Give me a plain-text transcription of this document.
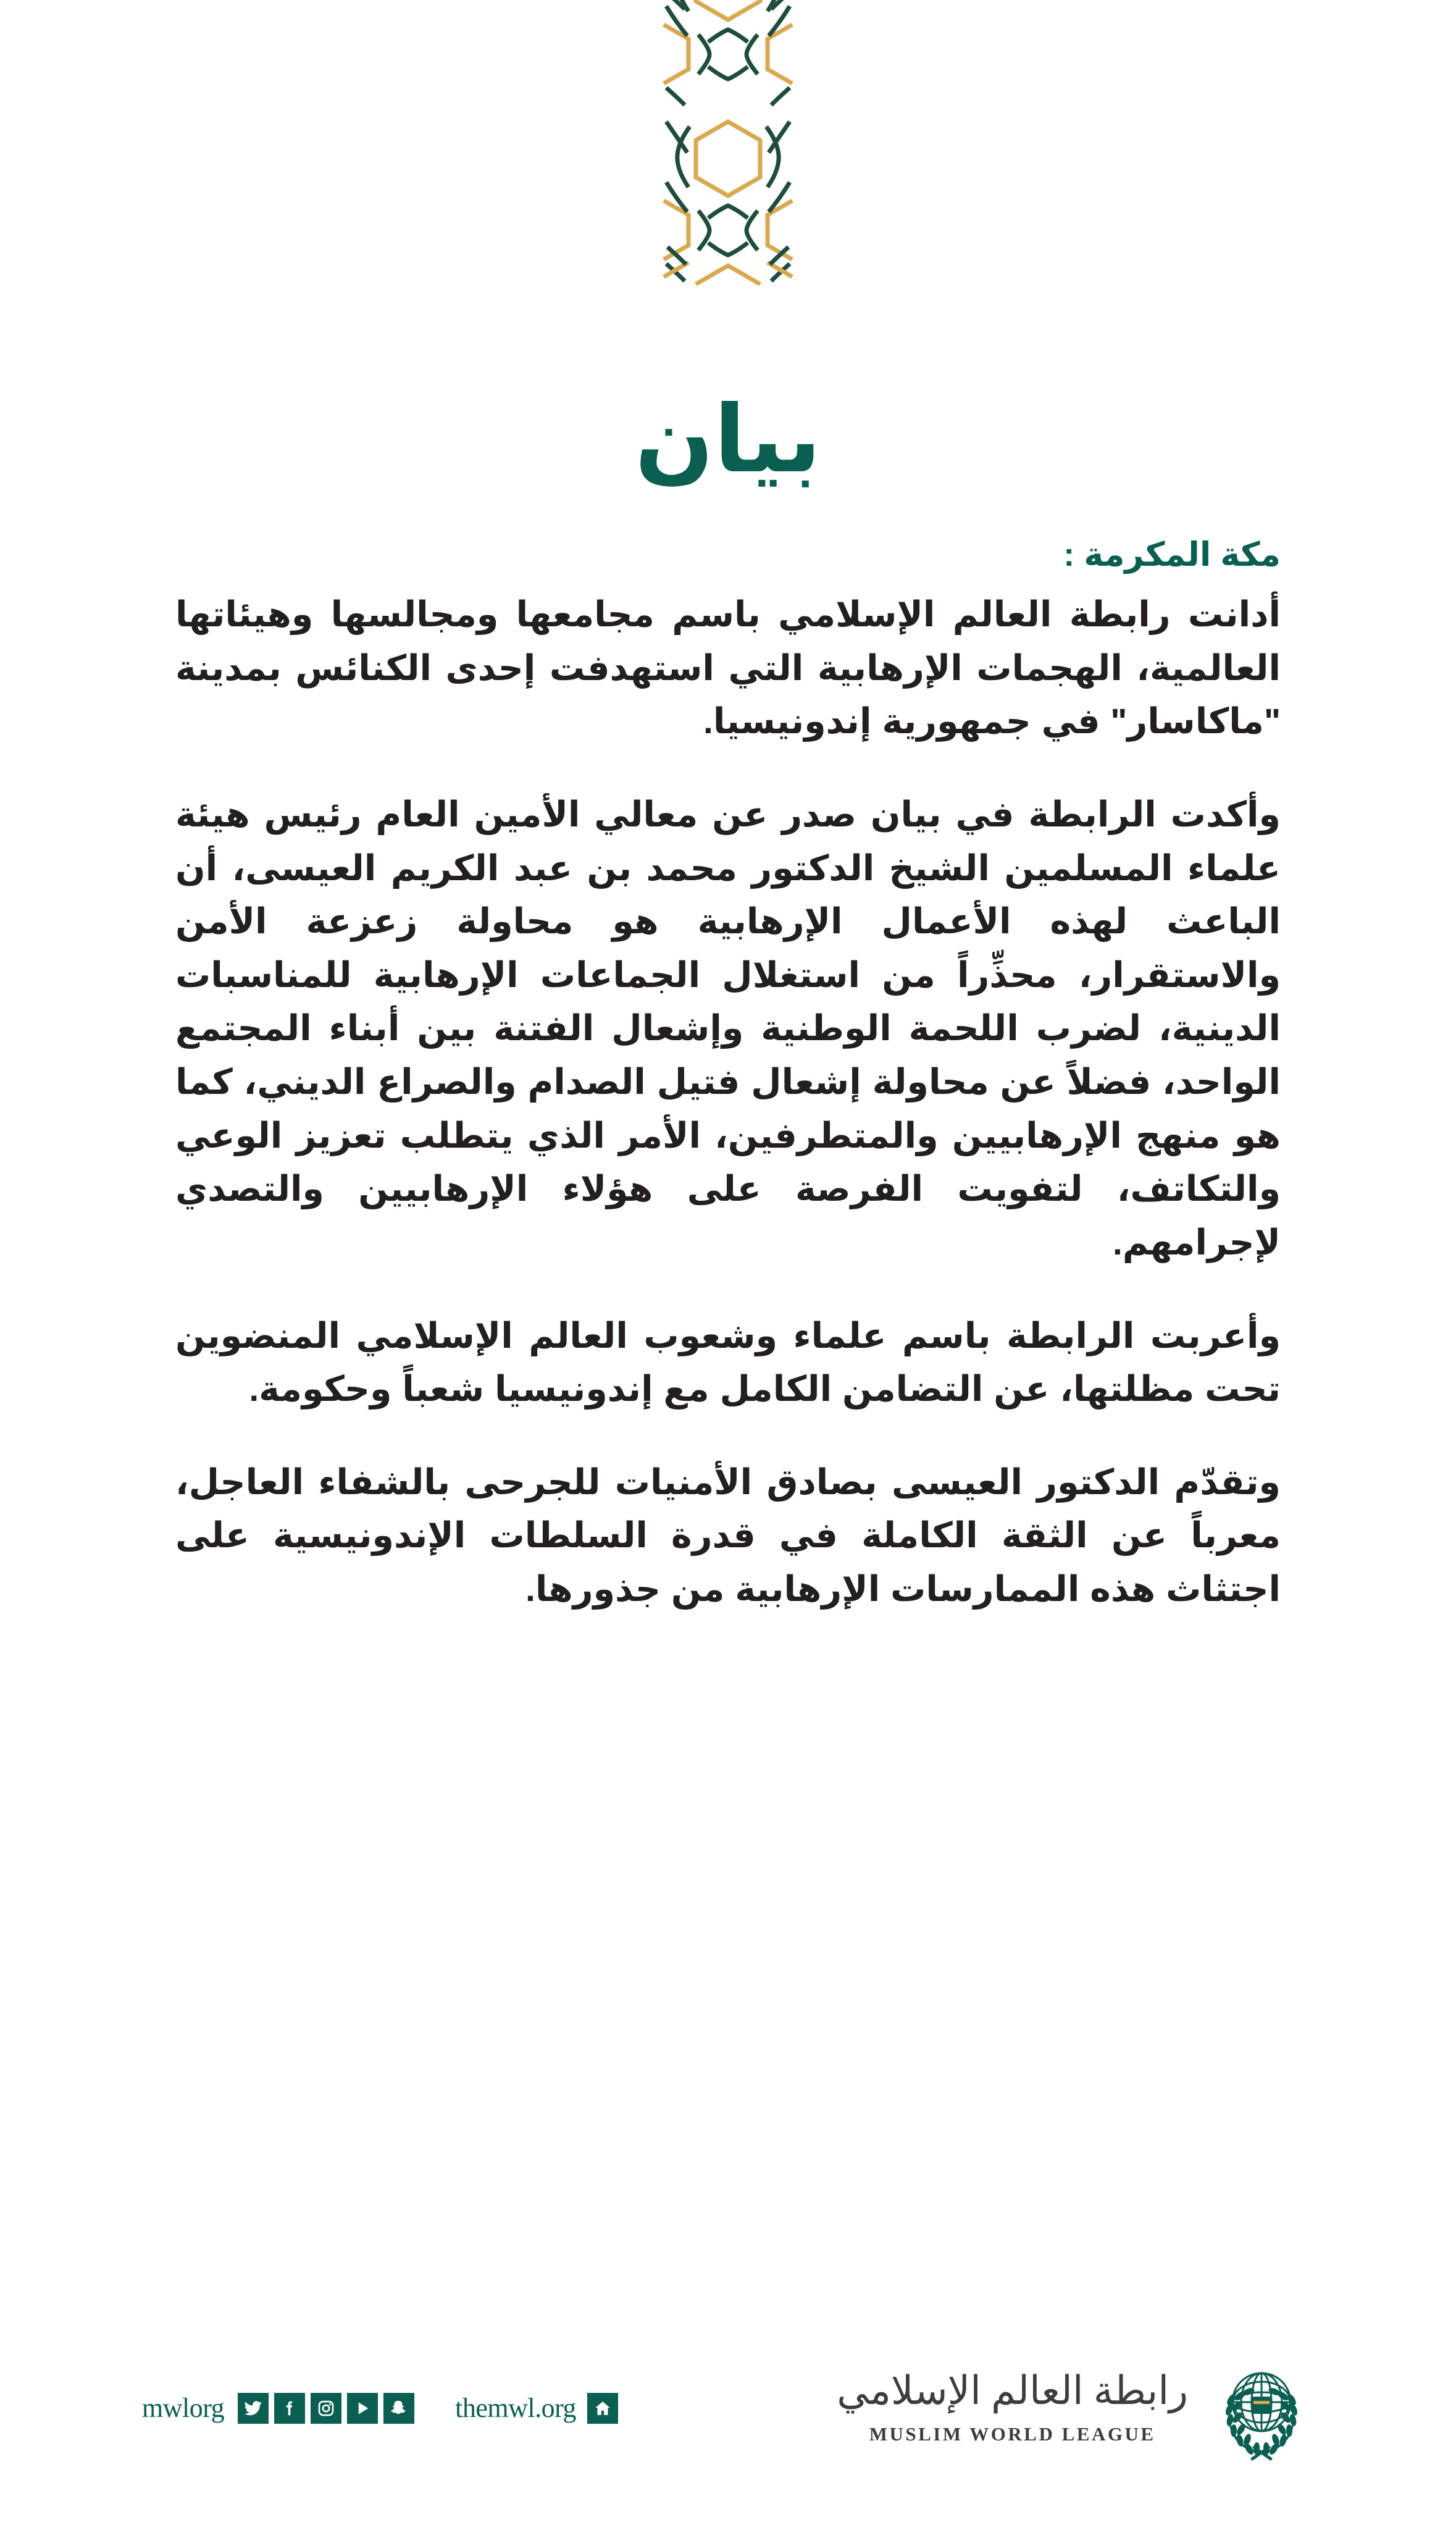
بيان
مكة المكرمة :

أدانت رابطة العالم الإسلامي باسم مجامعها ومجالسها وهيئاتها العالمية، الهجمات الإرهابية التي استهدفت إحدى الكنائس بمدينة "ماكاسار" في جمهورية إندونيسيا.

وأكدت الرابطة في بيان صدر عن معالي الأمين العام رئيس هيئة علماء المسلمين الشيخ الدكتور محمد بن عبد الكريم العيسى، أن الباعث لهذه الأعمال الإرهابية هو محاولة زعزعة الأمن والاستقرار، محذِّراً من استغلال الجماعات الإرهابية للمناسبات الدينية، لضرب اللحمة الوطنية وإشعال الفتنة بين أبناء المجتمع الواحد، فضلاً عن محاولة إشعال فتيل الصدام والصراع الديني، كما هو منهج الإرهابيين والمتطرفين، الأمر الذي يتطلب تعزيز الوعي والتكاتف، لتفويت الفرصة على هؤلاء الإرهابيين والتصدي لإجرامهم.

وأعربت الرابطة باسم علماء وشعوب العالم الإسلامي المنضوين تحت مظلتها، عن التضامن الكامل مع إندونيسيا شعباً وحكومة.

وتقدّم الدكتور العيسى بصادق الأمنيات للجرحى بالشفاء العاجل، معرباً عن الثقة الكاملة في قدرة السلطات الإندونيسية على اجتثاث هذه الممارسات الإرهابية من جذورها.

mwlorg	themwl.org	رابطة العالم الإسلامي
MUSLIM WORLD LEAGUE
